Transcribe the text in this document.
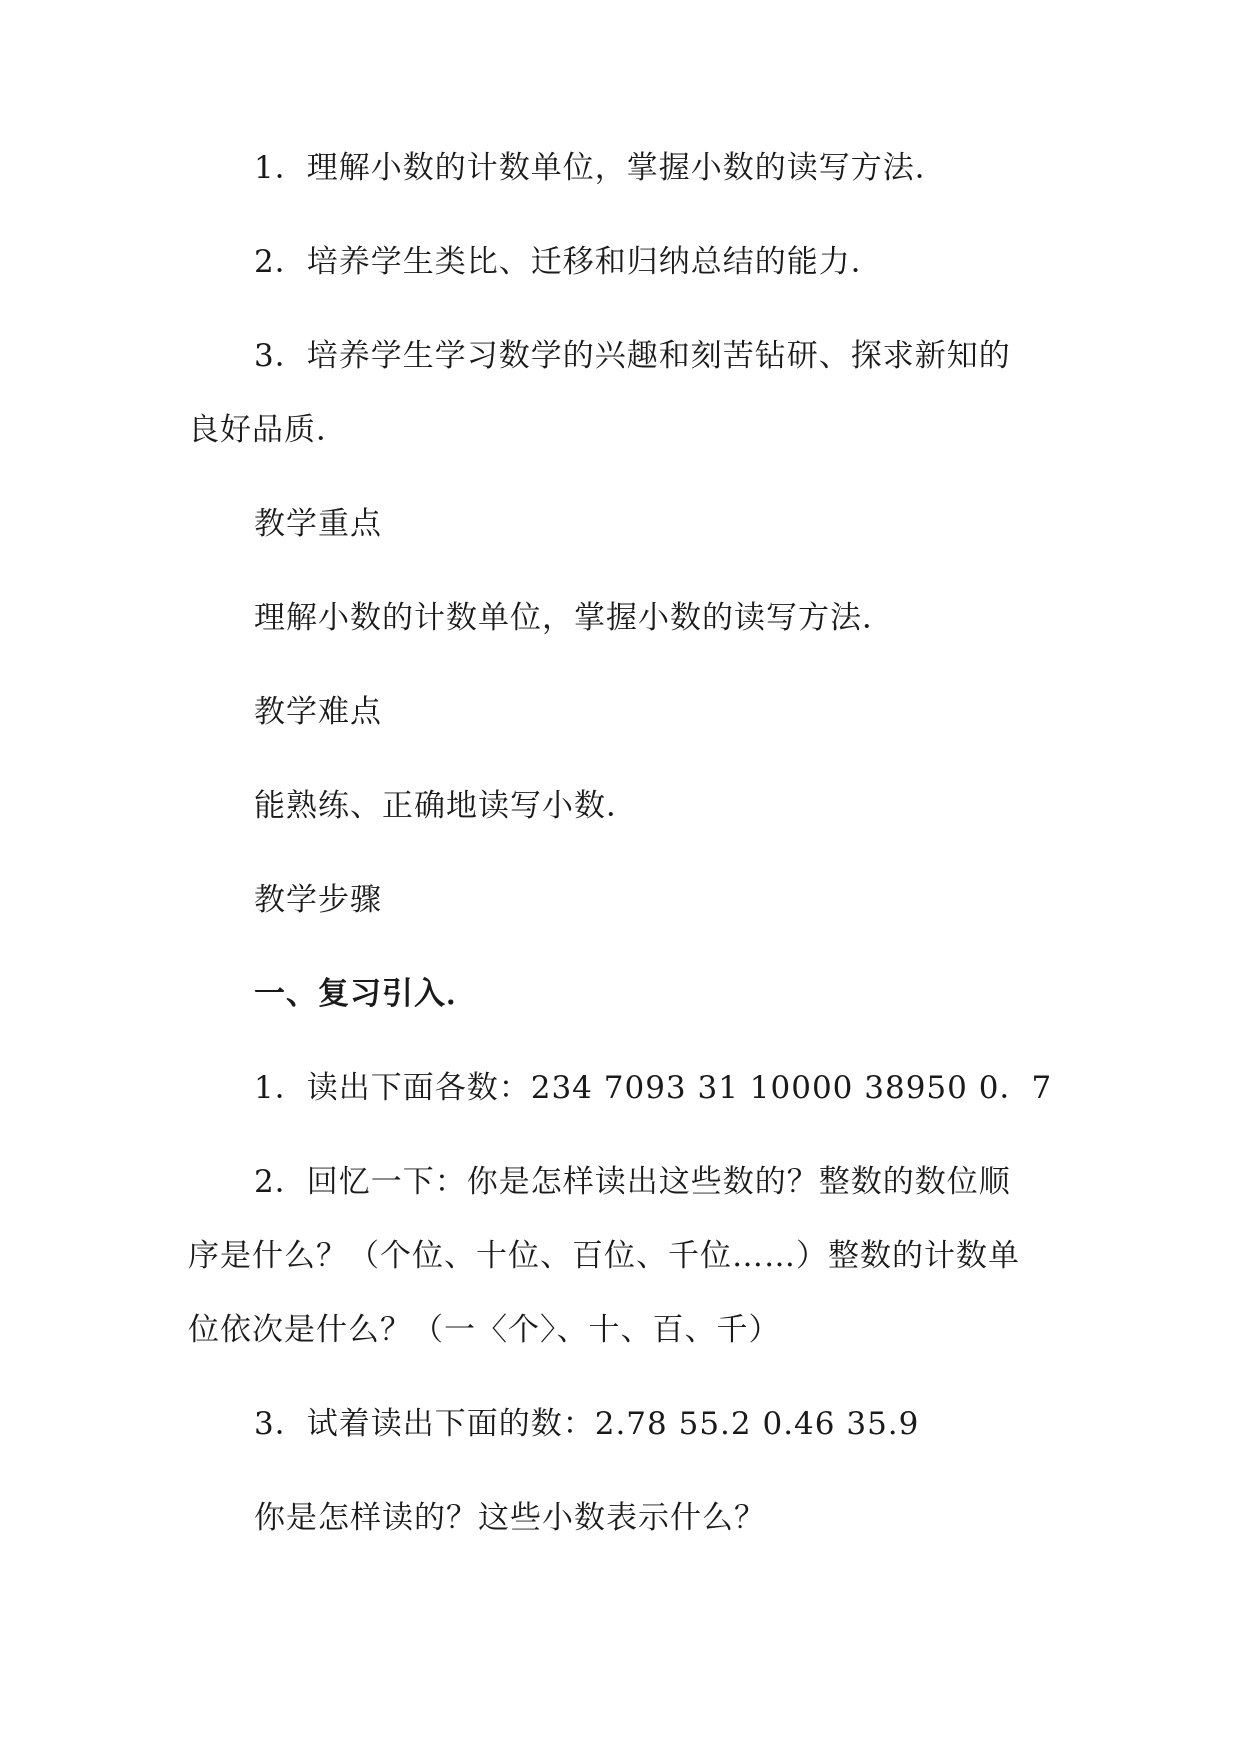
1．理解小数的计数单位，掌握小数的读写方法．
2．培养学生类比、迁移和归纳总结的能力．
3．培养学生学习数学的兴趣和刻苦钻研、探求新知的
良好品质．
教学重点
理解小数的计数单位，掌握小数的读写方法．
教学难点
能熟练、正确地读写小数．
教学步骤
一、复习引入．
1．读出下面各数：234 7093 31 10000 38950 0．7
2．回忆一下：你是怎样读出这些数的？整数的数位顺
序是什么？（个位、十位、百位、千位……）整数的计数单
位依次是什么？（一〈个〉、十、百、千）
3．试着读出下面的数：2.78 55.2 0.46 35.9
你是怎样读的？这些小数表示什么？
